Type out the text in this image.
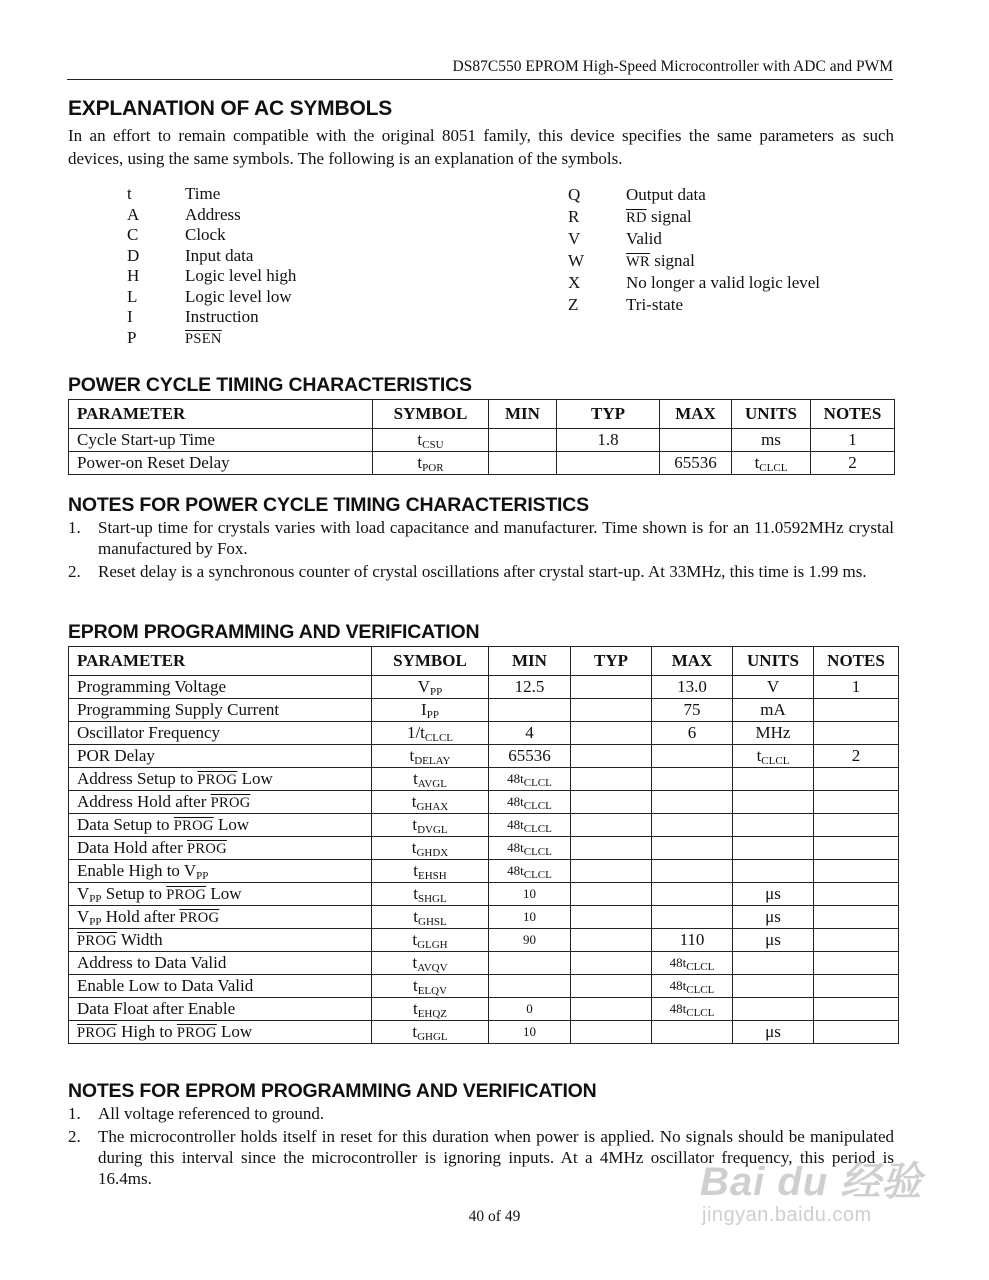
DS87C550 EPROM High-Speed Microcontroller with ADC and PWM
EXPLANATION OF AC SYMBOLS
In an effort to remain compatible with the original 8051 family, this device specifies the same parameters as such devices, using the same symbols. The following is an explanation of the symbols.
t	Time
A	Address
C	Clock
D	Input data
H	Logic level high
L	Logic level low
I	Instruction
P	PSEN
Q	Output data
R	$\overline{RD}$ signal
V	Valid
W	$\overline{WR}$ signal
X	No longer a valid logic level
Z	Tri-state
POWER CYCLE TIMING CHARACTERISTICS
PARAMETER	SYMBOL	MIN	TYP	MAX	UNITS	NOTES
Cycle Start-up Time	$t_{CSU}$		1.8		ms	1
Power-on Reset Delay	$t_{POR}$			65536	$t_{CLCL}$	2
NOTES FOR POWER CYCLE TIMING CHARACTERISTICS
1. Start-up time for crystals varies with load capacitance and manufacturer. Time shown is for an 11.0592MHz crystal manufactured by Fox.
2. Reset delay is a synchronous counter of crystal oscillations after crystal start-up. At 33MHz, this time is 1.99 ms.
EPROM PROGRAMMING AND VERIFICATION
PARAMETER	SYMBOL	MIN	TYP	MAX	UNITS	NOTES
Programming Voltage	$V_{PP}$	12.5		13.0	V	1
Programming Supply Current	$I_{PP}$			75	mA	
Oscillator Frequency	$1/t_{CLCL}$	4		6	MHz	
POR Delay	$t_{DELAY}$	65536			$t_{CLCL}$	2
Address Setup to PROG Low	$t_{AVGL}$	$48t_{CLCL}$				
Address Hold after PROG	$t_{GHAX}$	$48t_{CLCL}$				
Data Setup to PROG Low	$t_{DVGL}$	$48t_{CLCL}$				
Data Hold after PROG	$t_{GHDX}$	$48t_{CLCL}$				
Enable High to $V_{PP}$	$t_{EHSH}$	$48t_{CLCL}$				
$V_{PP}$ Setup to PROG Low	$t_{SHGL}$	10			μs	
$V_{PP}$ Hold after PROG	$t_{GHSL}$	10			μs	
PROG Width	$t_{GLGH}$	90		110	μs	
Address to Data Valid	$t_{AVQV}$			$48t_{CLCL}$		
Enable Low to Data Valid	$t_{ELQV}$			$48t_{CLCL}$		
Data Float after Enable	$t_{EHQZ}$	0		$48t_{CLCL}$		
PROG High to PROG Low	$t_{GHGL}$	10			μs	
NOTES FOR EPROM PROGRAMMING AND VERIFICATION
1. All voltage referenced to ground.
2. The microcontroller holds itself in reset for this duration when power is applied. No signals should be manipulated during this interval since the microcontroller is ignoring inputs. At a 4MHz oscillator frequency, this period is 16.4ms.
40 of 49
Bai du 经验
jingyan.baidu.com
